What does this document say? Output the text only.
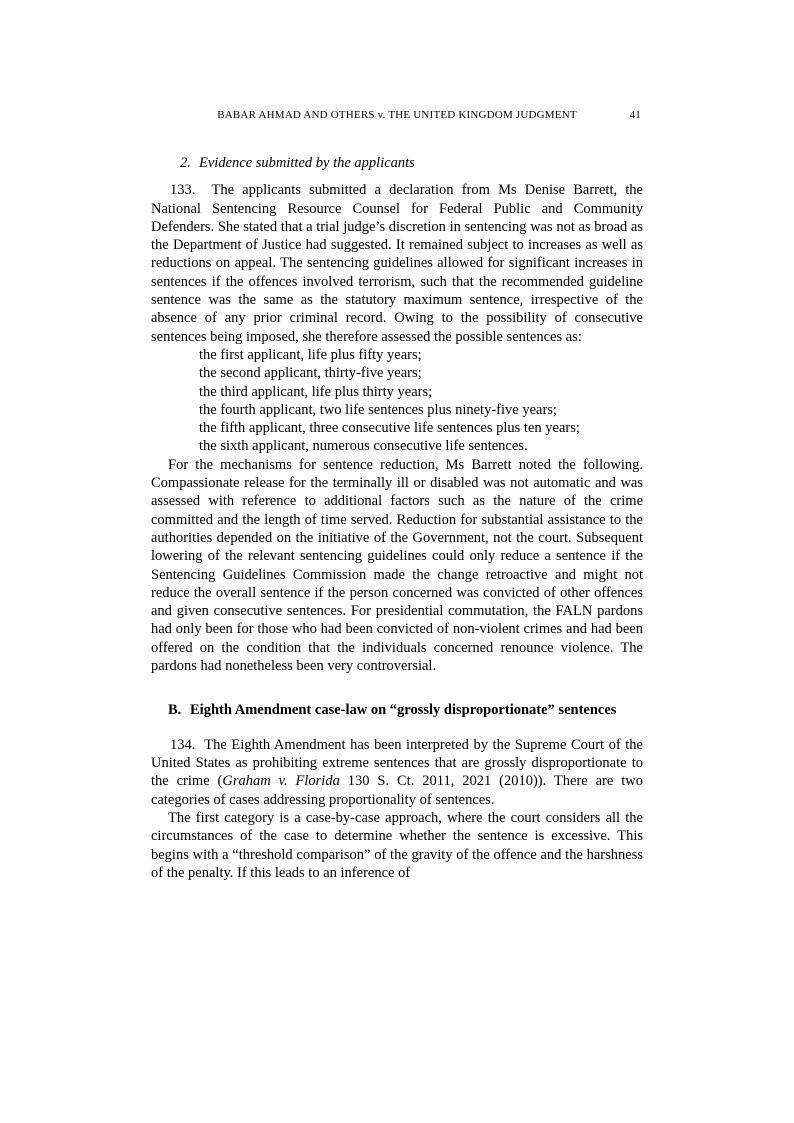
BABAR AHMAD AND OTHERS v. THE UNITED KINGDOM JUDGMENT	41
2. Evidence submitted by the applicants

133.  The applicants submitted a declaration from Ms Denise Barrett, the National Sentencing Resource Counsel for Federal Public and Community Defenders. She stated that a trial judge’s discretion in sentencing was not as broad as the Department of Justice had suggested. It remained subject to increases as well as reductions on appeal. The sentencing guidelines allowed for significant increases in sentences if the offences involved terrorism, such that the recommended guideline sentence was the same as the statutory maximum sentence, irrespective of the absence of any prior criminal record. Owing to the possibility of consecutive sentences being imposed, she therefore assessed the possible sentences as:

the first applicant, life plus fifty years;
the second applicant, thirty-five years;
the third applicant, life plus thirty years;
the fourth applicant, two life sentences plus ninety-five years;
the fifth applicant, three consecutive life sentences plus ten years;
the sixth applicant, numerous consecutive life sentences.

For the mechanisms for sentence reduction, Ms Barrett noted the following. Compassionate release for the terminally ill or disabled was not automatic and was assessed with reference to additional factors such as the nature of the crime committed and the length of time served. Reduction for substantial assistance to the authorities depended on the initiative of the Government, not the court. Subsequent lowering of the relevant sentencing guidelines could only reduce a sentence if the Sentencing Guidelines Commission made the change retroactive and might not reduce the overall sentence if the person concerned was convicted of other offences and given consecutive sentences. For presidential commutation, the FALN pardons had only been for those who had been convicted of non-violent crimes and had been offered on the condition that the individuals concerned renounce violence. The pardons had nonetheless been very controversial.

B. Eighth Amendment case-law on “grossly disproportionate” sentences

134.  The Eighth Amendment has been interpreted by the Supreme Court of the United States as prohibiting extreme sentences that are grossly disproportionate to the crime (Graham v. Florida 130 S. Ct. 2011, 2021 (2010)). There are two categories of cases addressing proportionality of sentences.

The first category is a case-by-case approach, where the court considers all the circumstances of the case to determine whether the sentence is excessive. This begins with a “threshold comparison” of the gravity of the offence and the harshness of the penalty. If this leads to an inference of
